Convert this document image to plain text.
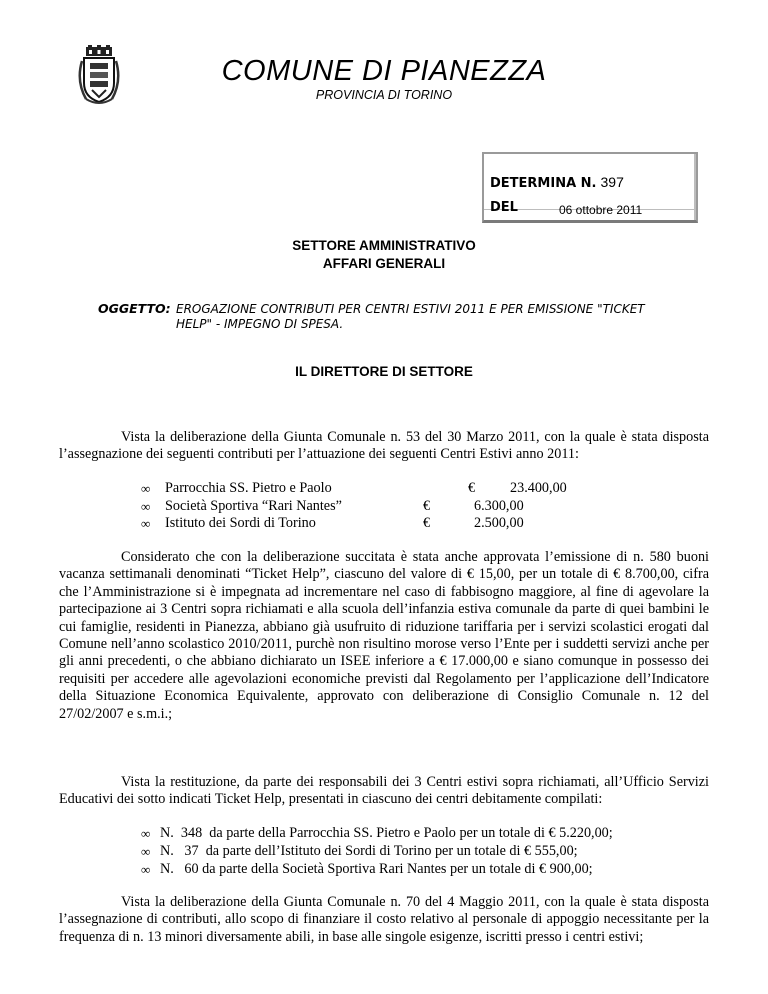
COMUNE DI PIANEZZA
PROVINCIA DI TORINO
DETERMINA N. 397
DEL	06 ottobre 2011
SETTORE AMMINISTRATIVO
AFFARI GENERALI
OGGETTO: EROGAZIONE CONTRIBUTI PER CENTRI ESTIVI 2011 E PER EMISSIONE "TICKET
HELP" - IMPEGNO DI SPESA.
IL DIRETTORE DI SETTORE

Vista la deliberazione della Giunta Comunale n. 53 del 30 Marzo 2011, con la quale è stata disposta l’assegnazione dei seguenti contributi per l’attuazione dei seguenti Centri Estivi anno 2011:

∞ Parrocchia SS. Pietro e Paolo	€ 23.400,00
∞ Società Sportiva “Rari Nantes”	€	6.300,00
∞ Istituto dei Sordi di Torino	€	2.500,00

Considerato che con la deliberazione succitata è stata anche approvata l’emissione di n. 580 buoni vacanza settimanali denominati “Ticket Help”, ciascuno del valore di € 15,00, per un totale di € 8.700,00, cifra che l’Amministrazione si è impegnata ad incrementare nel caso di fabbisogno maggiore, al fine di agevolare la partecipazione ai 3 Centri sopra richiamati e alla scuola dell’infanzia estiva comunale da parte di quei bambini le cui famiglie, residenti in Pianezza, abbiano già usufruito di riduzione tariffaria per i servizi scolastici erogati dal Comune nell’anno scolastico 2010/2011, purchè non risultino morose verso l’Ente per i suddetti servizi anche per gli anni precedenti, o che abbiano dichiarato un ISEE inferiore a € 17.000,00 e siano comunque in possesso dei requisiti per accedere alle agevolazioni economiche previsti dal Regolamento per l’applicazione dell’Indicatore della Situazione Economica Equivalente, approvato con deliberazione di Consiglio Comunale n. 12 del 27/02/2007 e s.m.i.;

Vista la restituzione, da parte dei responsabili dei 3 Centri estivi sopra richiamati, all’Ufficio Servizi Educativi dei sotto indicati Ticket Help, presentati in ciascuno dei centri debitamente compilati:

∞ N.  348  da parte della Parrocchia SS. Pietro e Paolo per un totale di € 5.220,00;
∞ N.   37  da parte dell’Istituto dei Sordi di Torino per un totale di € 555,00;
∞ N.   60 da parte della Società Sportiva Rari Nantes per un totale di € 900,00;

Vista la deliberazione della Giunta Comunale n. 70 del 4 Maggio 2011, con la quale è stata disposta l’assegnazione di contributi, allo scopo di finanziare il costo relativo al personale di appoggio necessitante per la frequenza di n. 13 minori diversamente abili, in base alle singole esigenze, iscritti presso i centri estivi;
